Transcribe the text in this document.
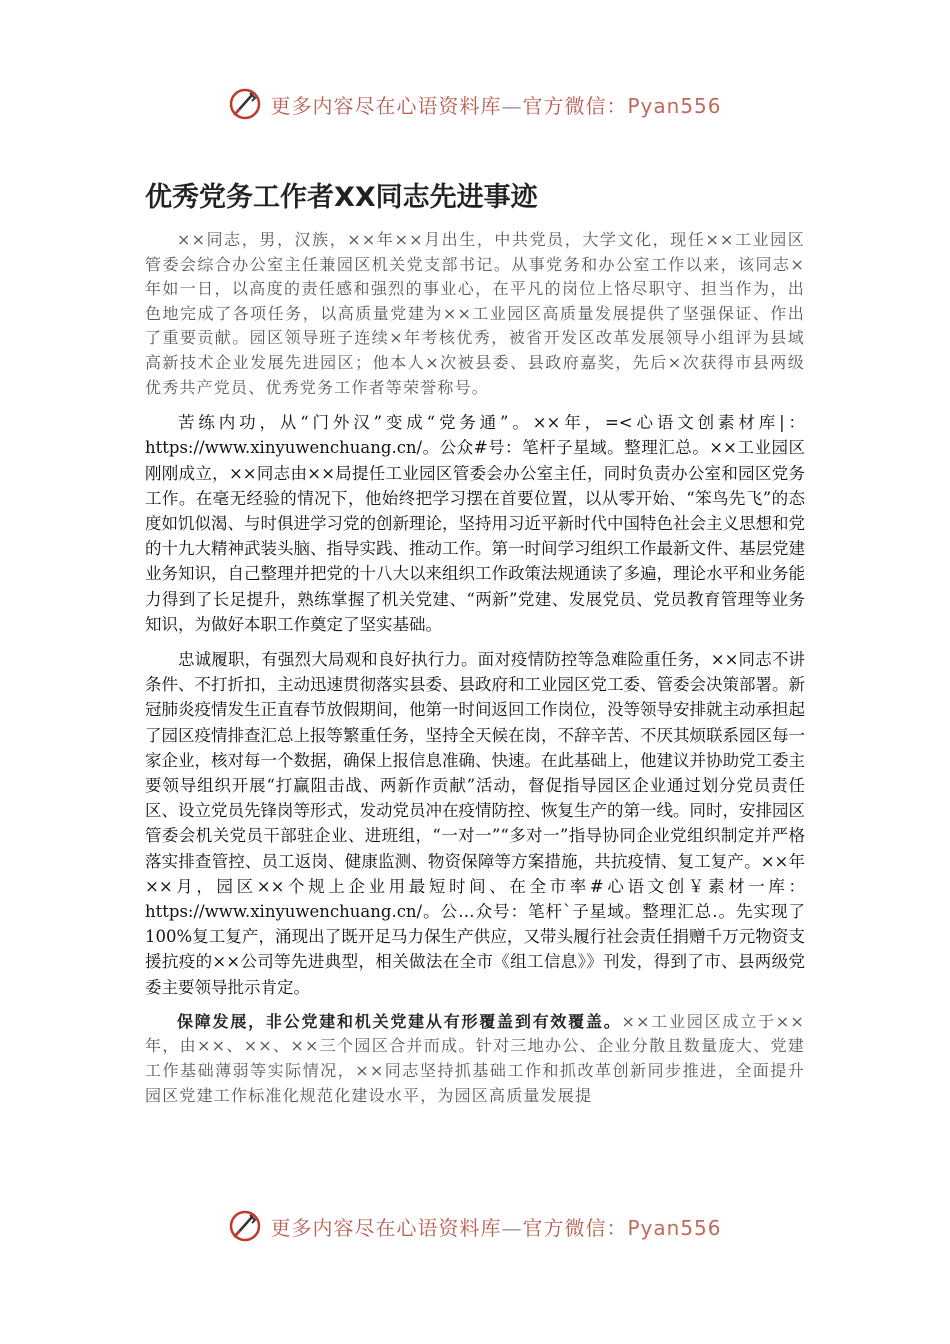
更多内容尽在心语资料库—官方微信：Pyan556
优秀党务工作者XX同志先进事迹

××同志，男，汉族，××年××月出生，中共党员，大学文化，现任××工业园区管委会综合办公室主任兼园区机关党支部书记。从事党务和办公室工作以来，该同志×年如一日，以高度的责任感和强烈的事业心，在平凡的岗位上恪尽职守、担当作为，出色地完成了各项任务，以高质量党建为××工业园区高质量发展提供了坚强保证、作出了重要贡献。园区领导班子连续×年考核优秀，被省开发区改革发展领导小组评为县域高新技术企业发展先进园区；他本人×次被县委、县政府嘉奖，先后×次获得市县两级优秀共产党员、优秀党务工作者等荣誉称号。

苦练内功，从“门外汉”变成“党务通”。××年，=<心语文创素材库|：https://www.xinyuwenchuang.cn/。公众#号：笔杆子星域。整理汇总。××工业园区刚刚成立，××同志由××局提任工业园区管委会办公室主任，同时负责办公室和园区党务工作。在毫无经验的情况下，他始终把学习摆在首要位置，以从零开始、“笨鸟先飞”的态度如饥似渴、与时俱进学习党的创新理论，坚持用习近平新时代中国特色社会主义思想和党的十九大精神武装头脑、指导实践、推动工作。第一时间学习组织工作最新文件、基层党建业务知识，自己整理并把党的十八大以来组织工作政策法规通读了多遍，理论水平和业务能力得到了长足提升，熟练掌握了机关党建、“两新”党建、发展党员、党员教育管理等业务知识，为做好本职工作奠定了坚实基础。

忠诚履职，有强烈大局观和良好执行力。面对疫情防控等急难险重任务，××同志不讲条件、不打折扣，主动迅速贯彻落实县委、县政府和工业园区党工委、管委会决策部署。新冠肺炎疫情发生正直春节放假期间，他第一时间返回工作岗位，没等领导安排就主动承担起了园区疫情排查汇总上报等繁重任务，坚持全天候在岗，不辞辛苦、不厌其烦联系园区每一家企业，核对每一个数据，确保上报信息准确、快速。在此基础上，他建议并协助党工委主要领导组织开展“打赢阻击战、两新作贡献”活动，督促指导园区企业通过划分党员责任区、设立党员先锋岗等形式，发动党员冲在疫情防控、恢复生产的第一线。同时，安排园区管委会机关党员干部驻企业、进班组，“一对一”“多对一”指导协同企业党组织制定并严格落实排查管控、员工返岗、健康监测、物资保障等方案措施，共抗疫情、复工复产。××年××月，园区××个规上企业用最短时间、在全市率#心语文创￥素材一库：https://www.xinyuwenchuang.cn/。公…众号：笔杆`子星域。整理汇总.。先实现了100%复工复产，涌现出了既开足马力保生产供应，又带头履行社会责任捐赠千万元物资支援抗疫的××公司等先进典型，相关做法在全市《组工信息》》刊发，得到了市、县两级党委主要领导批示肯定。

保障发展，非公党建和机关党建从有形覆盖到有效覆盖。××工业园区成立于××年，由××、××、××三个园区合并而成。针对三地办公、企业分散且数量庞大、党建工作基础薄弱等实际情况，××同志坚持抓基础工作和抓改革创新同步推进，全面提升园区党建工作标准化规范化建设水平，为园区高质量发展提

更多内容尽在心语资料库—官方微信：Pyan556
